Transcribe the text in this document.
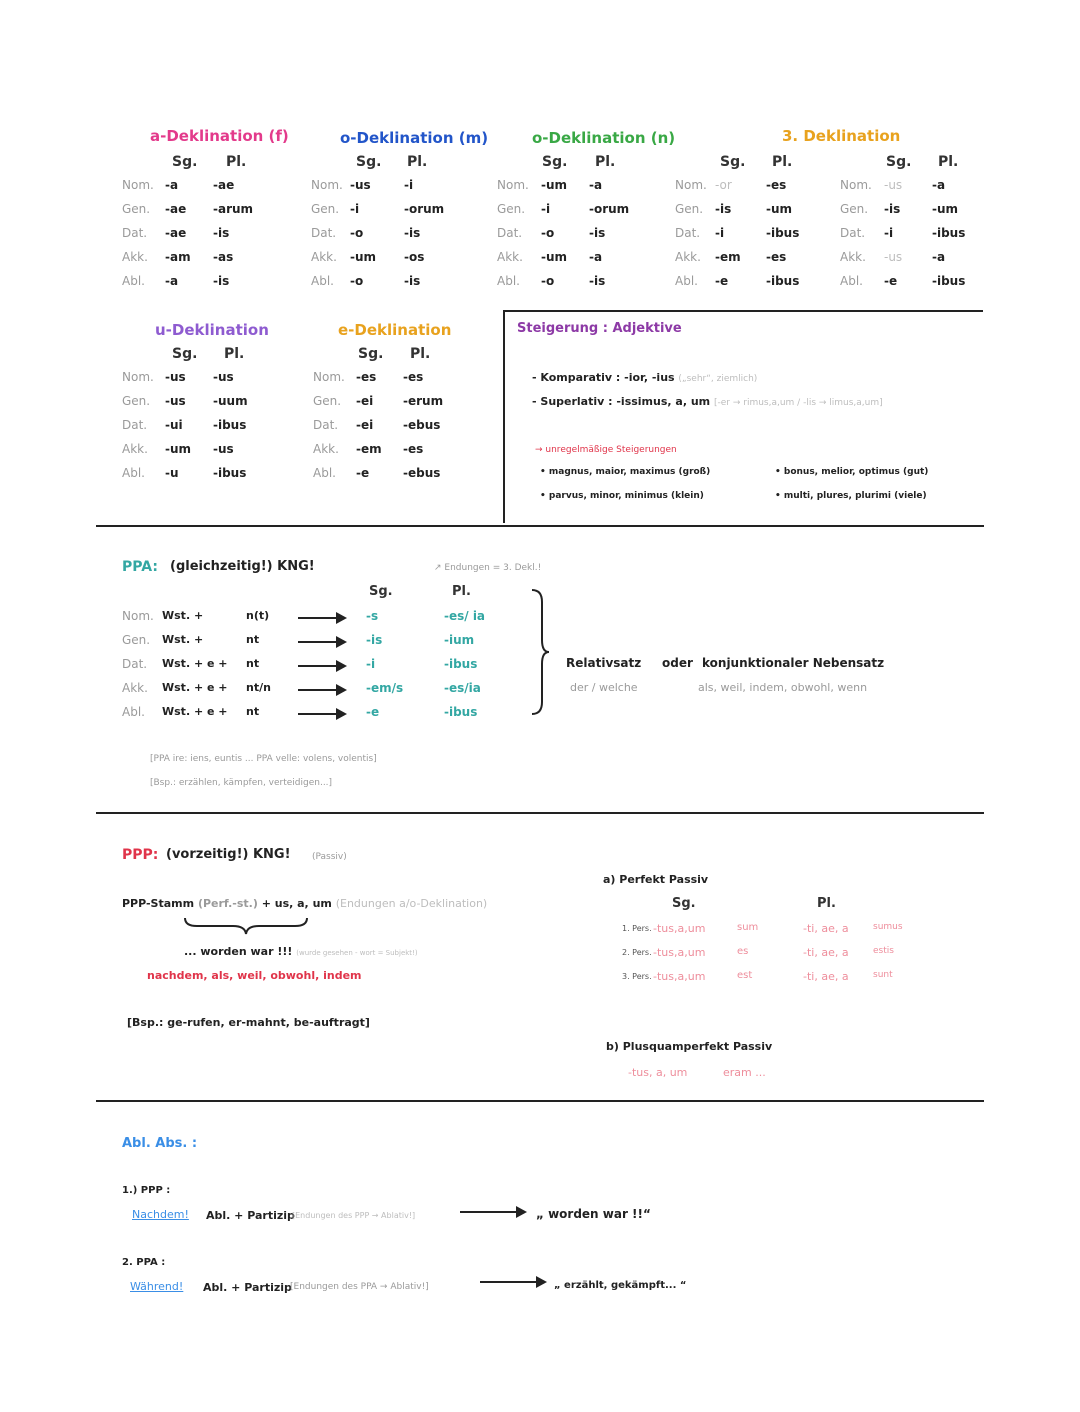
a-Deklination (f)
Sg. Pl.
o-Deklination (m)
Sg. Pl.
o-Deklination (n)
Sg. Pl.
3. Deklination
Sg. Pl.	Sg. Pl.
Nom. -a	-ae
Gen. -ae -arum
Dat. -ae -is
Akk. -am -as
Abl. -a	-is
Nom. -us	-i
Gen. -i	-orum
Dat. -o	-is
Akk. -um -os
Abl. -o	-is
Nom. -um -a
Gen. -i	-orum
Dat. -o	-is
Akk. -um -a
Abl. -o	-is
Nom. -or	-es
Gen. -is	-um
Dat. -i	-ibus
Akk. -em -es
Abl. -e	-ibus
Nom. -us -a
Gen. -is	-um
Dat. -i	-ibus
Akk. -us -a
Abl. -e	-ibus
u-Deklination
Sg. Pl.
e-Deklination
Sg. Pl.
Nom. -us -us
Gen. -us -uum
Dat. -ui	-ibus
Akk. -um -us
Abl. -u	-ibus
Nom. -es -es
Gen. -ei -erum
Dat. -ei -ebus
Akk. -em -es
Abl. -e	-ebus
Steigerung : Adjektive
- Komparativ : -ior, -ius („sehr“, ziemlich)
- Superlativ : -issimus, a, um [-er → rimus,a,um / -lis → limus,a,um]
→ unregelmäßige Steigerungen
• magnus, maior, maximus (groß)
• parvus, minor, minimus (klein)
• bonus, melior, optimus (gut)
• multi, plures, plurimi (viele)
PPA: (gleichzeitig!) KNG!	↗ Endungen = 3. Dekl.!
Sg.	Pl.
Nom. Wst. +	n(t)	-s	-es/ ia
Gen. Wst. +	nt	-is	-ium
Dat. Wst. + e + nt	-i	-ibus
Akk. Wst. + e + nt/n	-em/s	-es/ia
Abl. Wst. + e + nt	-e	-ibus
Relativsatz oder konjunktionaler Nebensatz
der / welche	als, weil, indem, obwohl, wenn
[PPA ire: iens, euntis ... PPA velle: volens, volentis]
[Bsp.: erzählen, kämpfen, verteidigen...]
PPP: (vorzeitig!) KNG! (Passiv)
PPP-Stamm (Perf.-st.) + us, a, um (Endungen a/o-Deklination)
... worden war !!! (wurde gesehen - wort = Subjekt!)
nachdem, als, weil, obwohl, indem
[Bsp.: ge-rufen, er-mahnt, be-auftragt]
a) Perfekt Passiv
Sg.	Pl.
1. Pers. -tus,a,um	sum	-ti, ae, a	sumus
2. Pers. -tus,a,um	es	-ti, ae, a	estis
3. Pers. -tus,a,um	est	-ti, ae, a	sunt
b) Plusquamperfekt Passiv
-tus, a, um	eram ...
Abl. Abs. :
1.) PPP :
Nachdem! Abl. + Partizip
[Endungen des PPP → Ablativ!]	„ worden war !!“
2. PPA :
Während! Abl. + Partizip
[Endungen des PPA → Ablativ!]	„ erzählt, gekämpft... “
